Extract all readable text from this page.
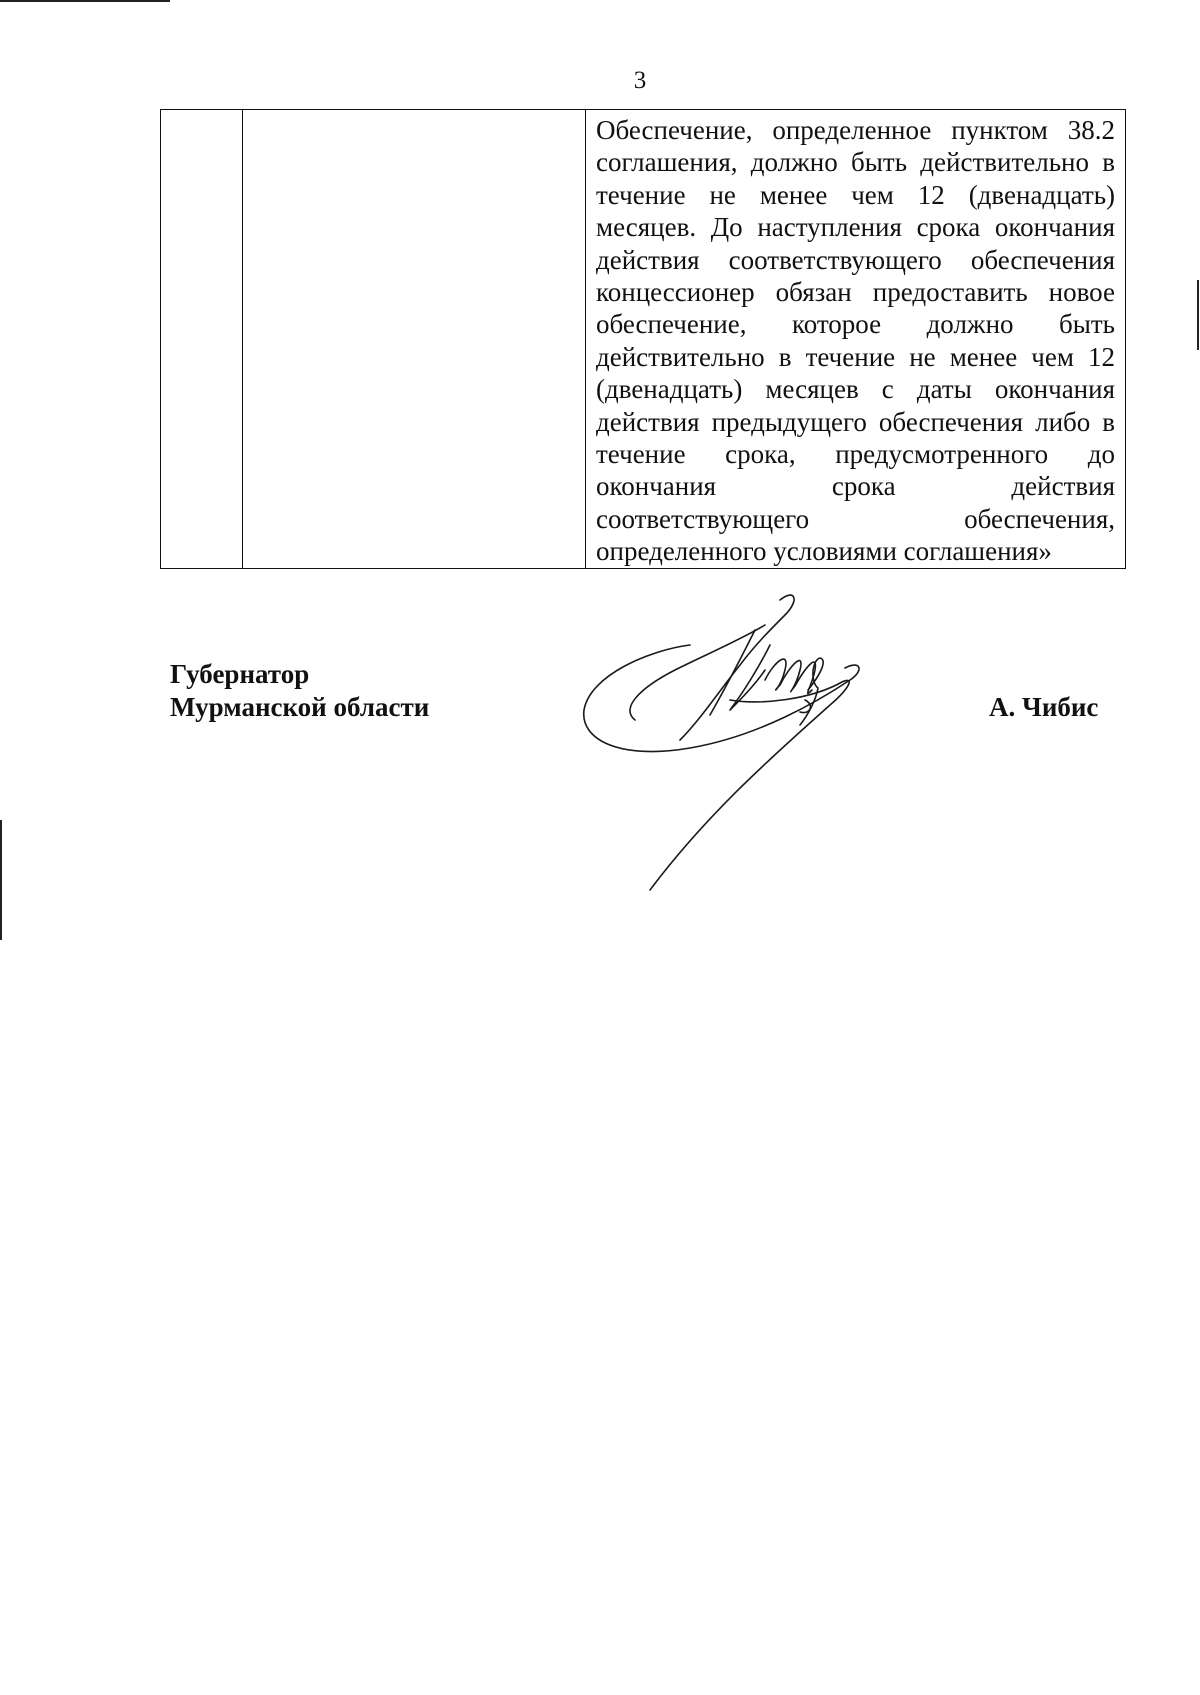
3

Обеспечение, определенное пунктом 38.2 соглашения, должно быть действительно в течение не менее чем 12 (двенадцать) месяцев. До наступления срока окончания действия соответствующего обеспечения концессионер обязан предоставить новое обеспечение, которое должно быть действительно в течение не менее чем 12 (двенадцать) месяцев с даты окончания действия предыдущего обеспечения либо в течение срока, предусмотренного до окончания срока действия соответствующего обеспечения, определенного условиями соглашения»
Губернатор
Мурманской области	А. Чибис
